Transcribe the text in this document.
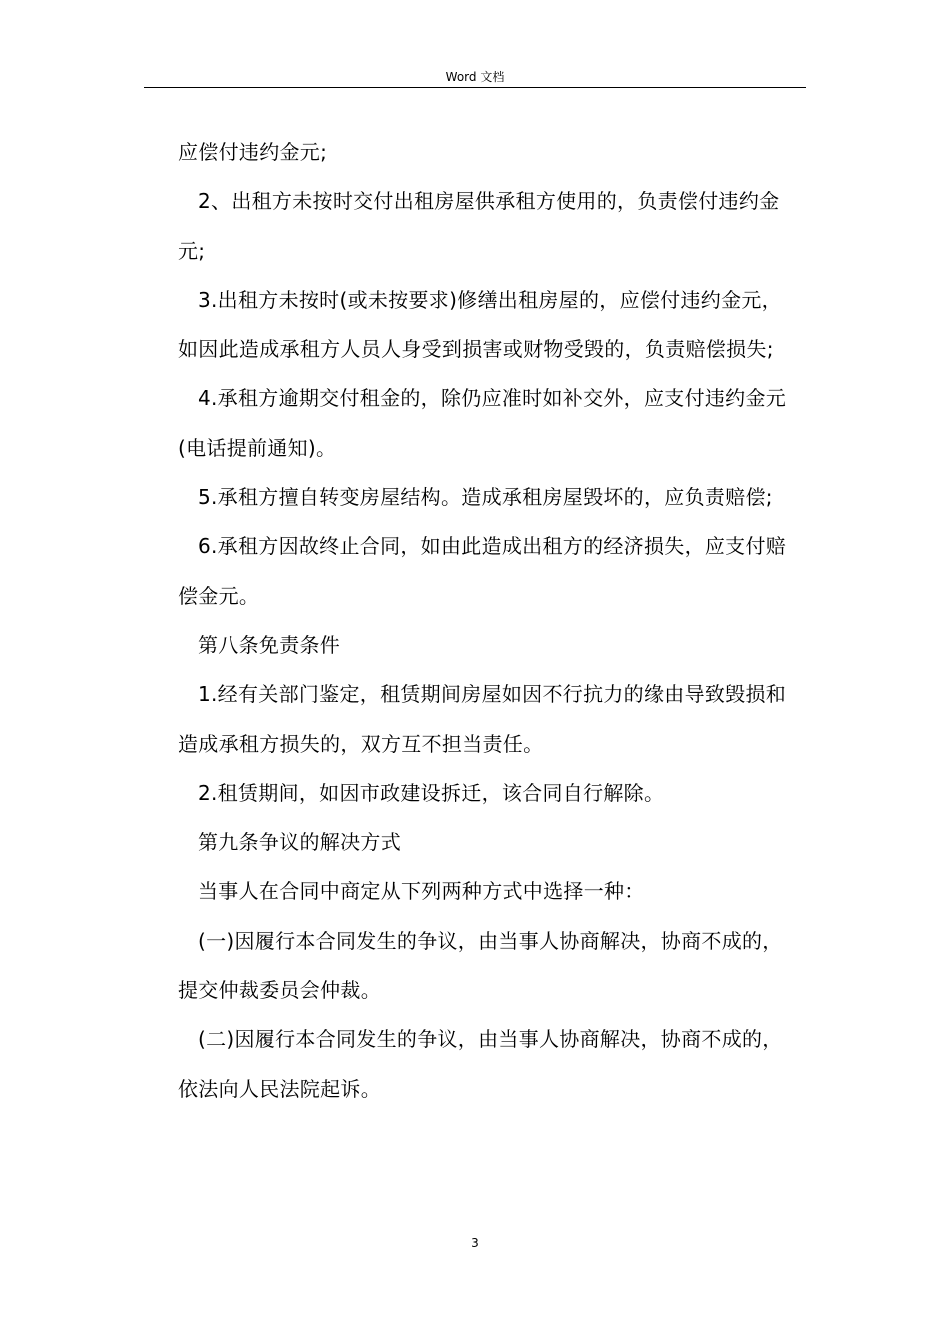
Word 文档

应偿付违约金元;

2、出租方未按时交付出租房屋供承租方使用的，负责偿付违约金元;

3.出租方未按时(或未按要求)修缮出租房屋的，应偿付违约金元，如因此造成承租方人员人身受到损害或财物受毁的，负责赔偿损失;

4.承租方逾期交付租金的，除仍应准时如补交外，应支付违约金元(电话提前通知)。

5.承租方擅自转变房屋结构。造成承租房屋毁坏的，应负责赔偿;

6.承租方因故终止合同，如由此造成出租方的经济损失，应支付赔偿金元。

第八条免责条件

1.经有关部门鉴定，租赁期间房屋如因不行抗力的缘由导致毁损和造成承租方损失的，双方互不担当责任。

2.租赁期间，如因市政建设拆迁，该合同自行解除。

第九条争议的解决方式

当事人在合同中商定从下列两种方式中选择一种：

(一)因履行本合同发生的争议，由当事人协商解决，协商不成的，提交仲裁委员会仲裁。

(二)因履行本合同发生的争议，由当事人协商解决，协商不成的，依法向人民法院起诉。

3
